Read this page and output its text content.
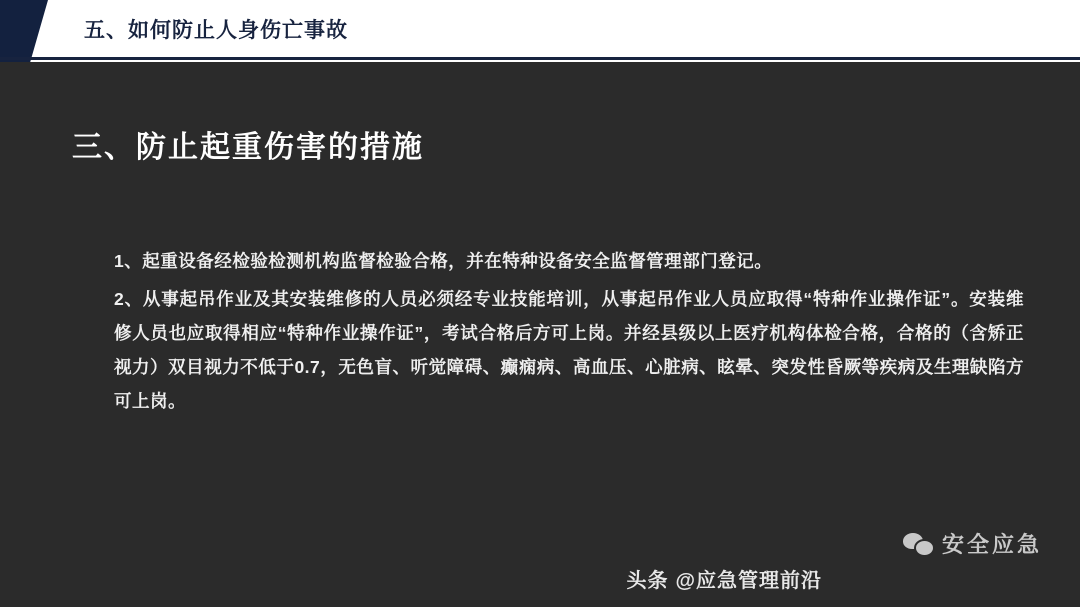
五、如何防止人身伤亡事故
三、防止起重伤害的措施

1、起重设备经检验检测机构监督检验合格，并在特种设备安全监督管理部门登记。

2、从事起吊作业及其安装维修的人员必须经专业技能培训，从事起吊作业人员应取得“特种作业操作证”。安装维修人员也应取得相应“特种作业操作证”，考试合格后方可上岗。并经县级以上医疗机构体检合格，合格的（含矫正视力）双目视力不低于0.7，无色盲、听觉障碍、癫痫病、高血压、心脏病、眩晕、突发性昏厥等疾病及生理缺陷方可上岗。

安全应急
头条 @应急管理前沿
